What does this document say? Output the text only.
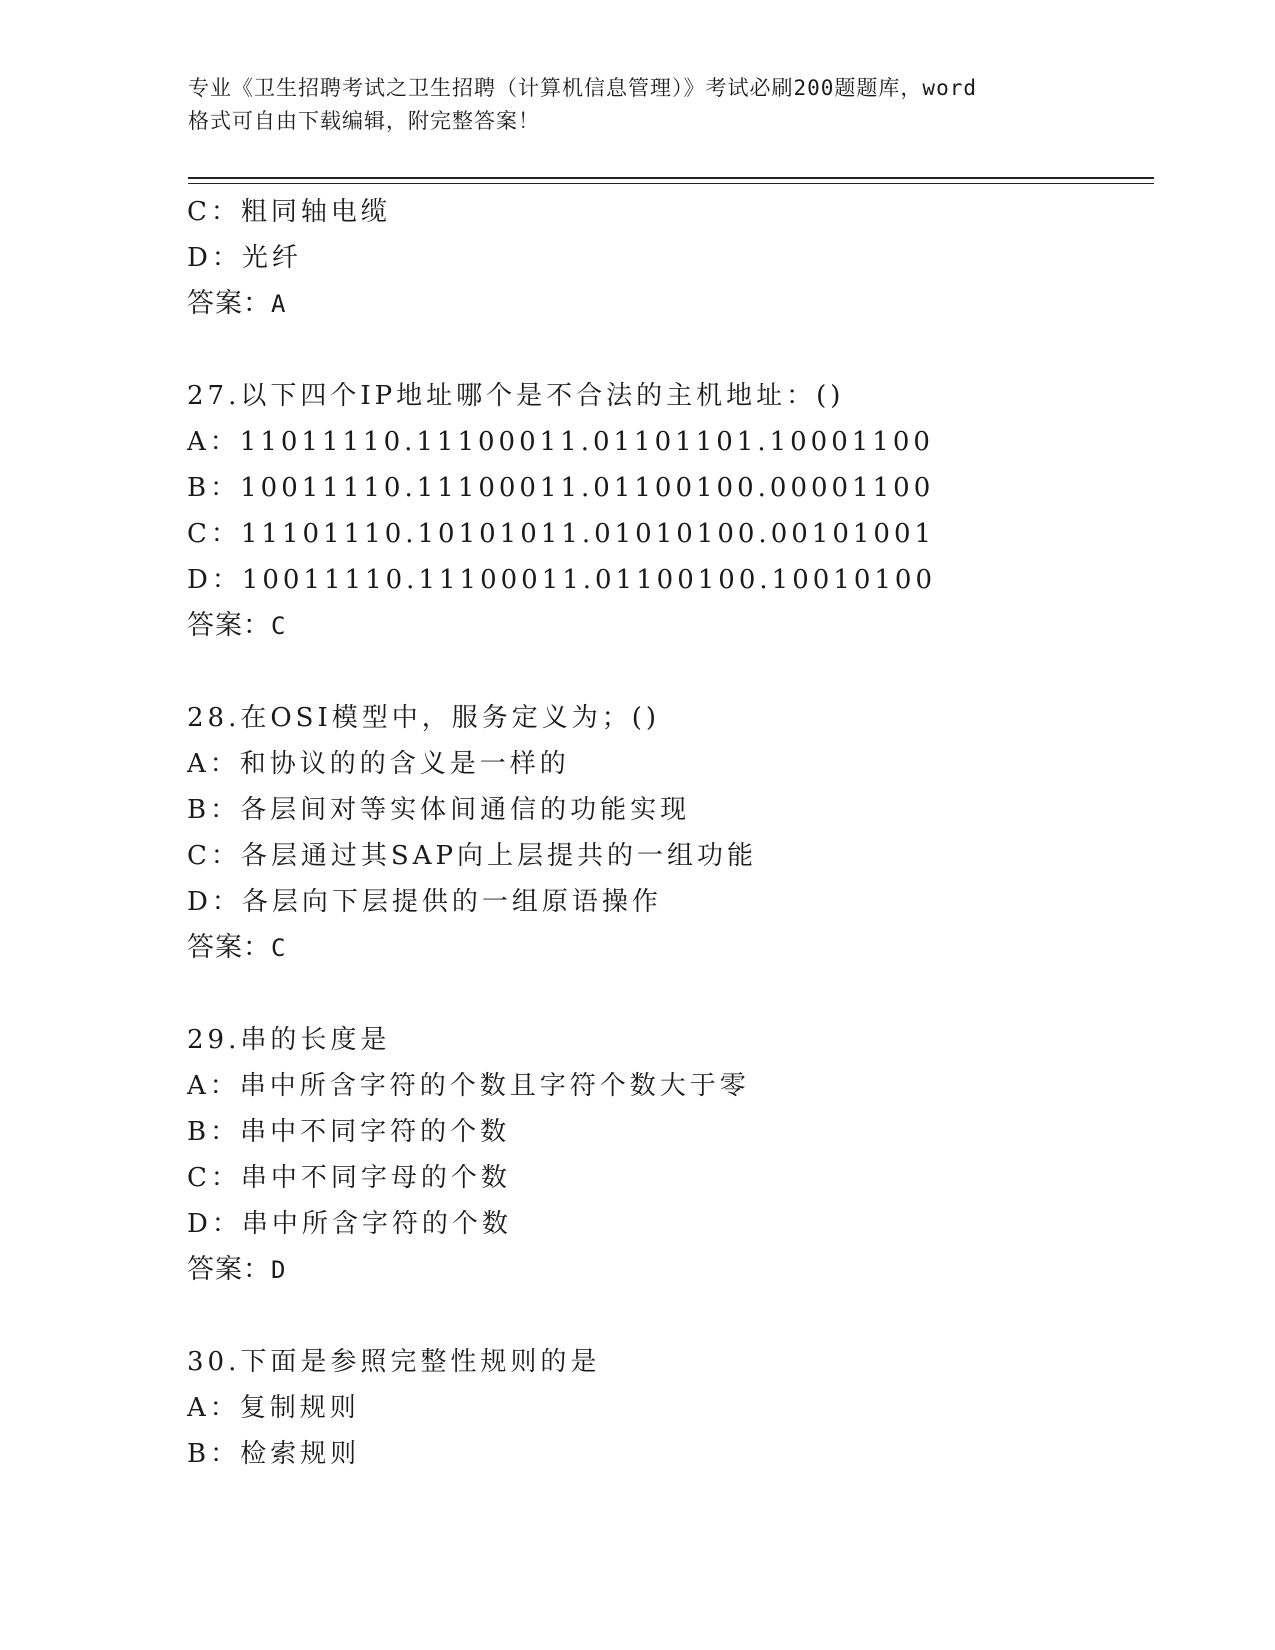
专业《卫生招聘考试之卫生招聘（计算机信息管理）》考试必刷200题题库，word
格式可自由下载编辑，附完整答案！
C：粗同轴电缆
D：光纤
答案：A
27.以下四个IP地址哪个是不合法的主机地址：()
A：11011110.11100011.01101101.10001100
B：10011110.11100011.01100100.00001100
C：11101110.10101011.01010100.00101001
D：10011110.11100011.01100100.10010100
答案：C
28.在OSI模型中，服务定义为；()
A：和协议的的含义是一样的
B：各层间对等实体间通信的功能实现
C：各层通过其SAP向上层提共的一组功能
D：各层向下层提供的一组原语操作
答案：C
29.串的长度是
A：串中所含字符的个数且字符个数大于零
B：串中不同字符的个数
C：串中不同字母的个数
D：串中所含字符的个数
答案：D
30.下面是参照完整性规则的是
A：复制规则
B：检索规则
